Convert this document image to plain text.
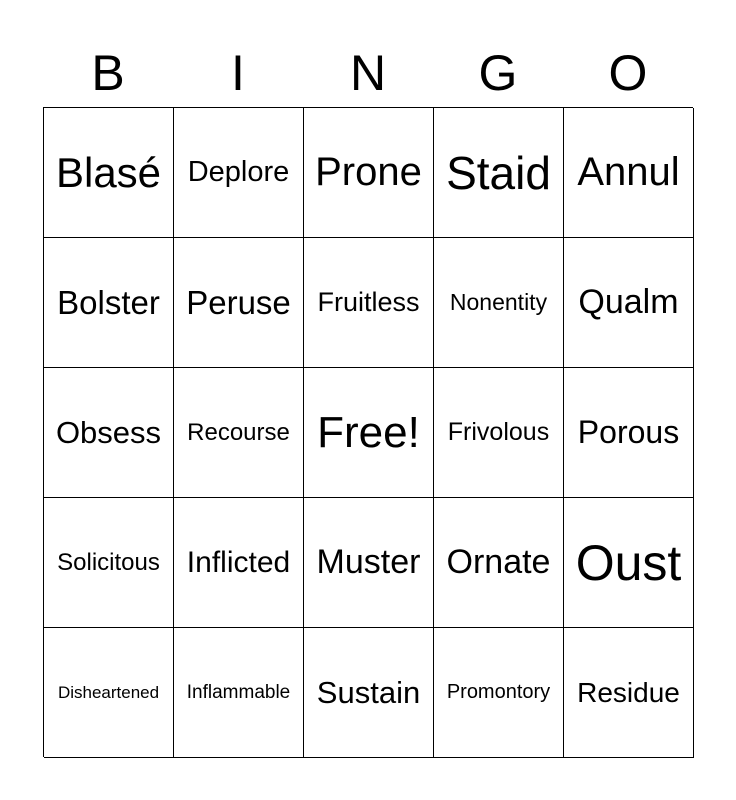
B	I	N	G	O
Blasé Deplore Prone Staid Annul
Bolster Peruse Fruitless	Nonentity Qualm
Obsess	Recourse Free!	Frivolous Porous
Solicitous Inflicted Muster Ornate Oust
Disheartened	Inflammable Sustain	Promontory Residue
